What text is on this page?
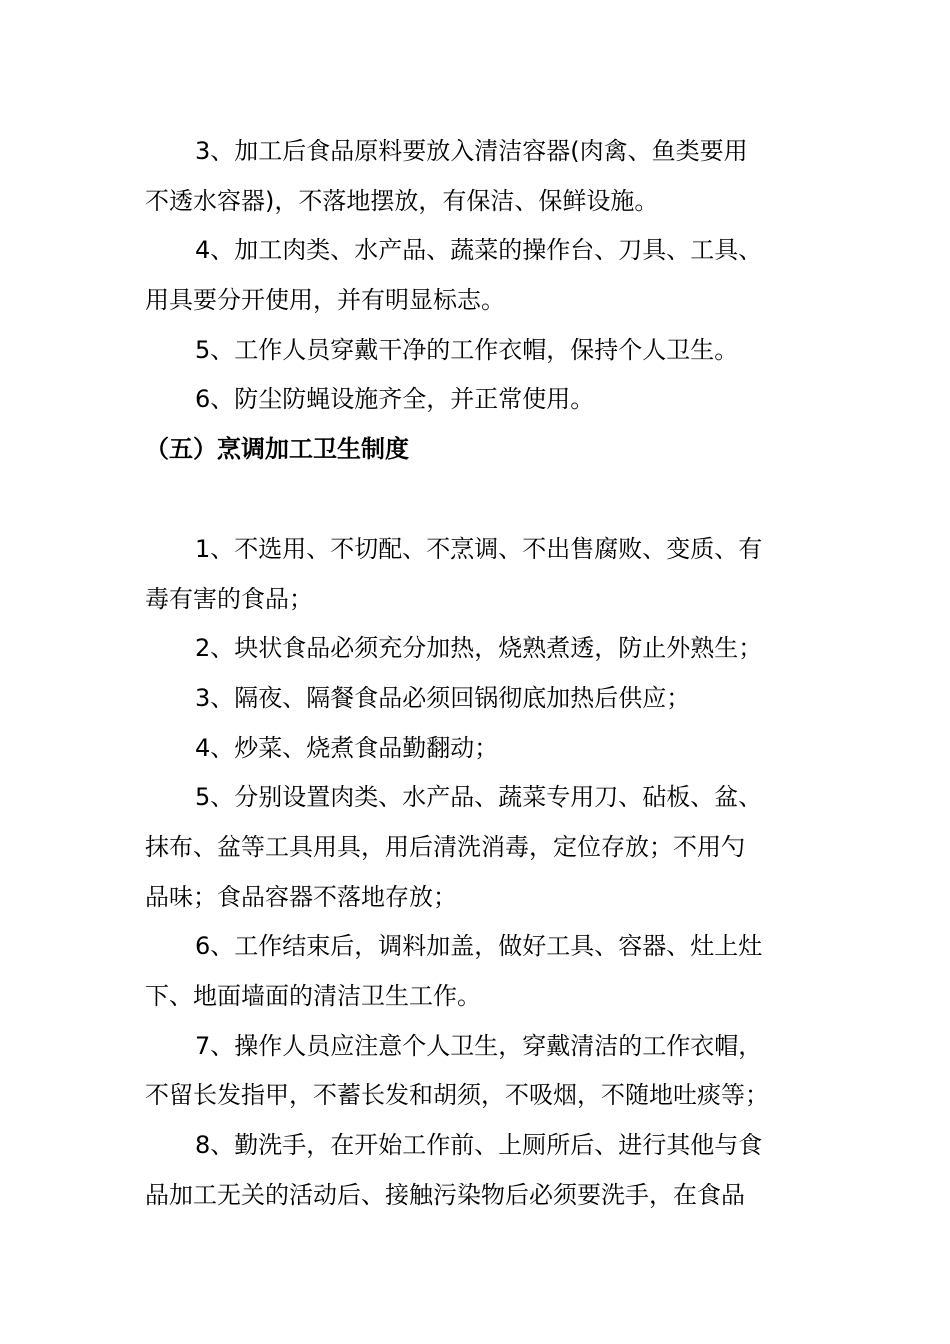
3、加工后食品原料要放入清洁容器(肉禽、鱼类要用
不透水容器)，不落地摆放，有保洁、保鲜设施。
4、加工肉类、水产品、蔬菜的操作台、刀具、工具、
用具要分开使用，并有明显标志。
5、工作人员穿戴干净的工作衣帽，保持个人卫生。
6、防尘防蝇设施齐全，并正常使用。
（五）烹调加工卫生制度
1、不选用、不切配、不烹调、不出售腐败、变质、有
毒有害的食品；
2、块状食品必须充分加热，烧熟煮透，防止外熟生；
3、隔夜、隔餐食品必须回锅彻底加热后供应；
4、炒菜、烧煮食品勤翻动；
5、分别设置肉类、水产品、蔬菜专用刀、砧板、盆、
抹布、盆等工具用具，用后清洗消毒，定位存放；不用勺
品味；食品容器不落地存放；
6、工作结束后，调料加盖，做好工具、容器、灶上灶
下、地面墙面的清洁卫生工作。
7、操作人员应注意个人卫生，穿戴清洁的工作衣帽，
不留长发指甲，不蓄长发和胡须，不吸烟，不随地吐痰等；
8、勤洗手，在开始工作前、上厕所后、进行其他与食
品加工无关的活动后、接触污染物后必须要洗手，在食品
